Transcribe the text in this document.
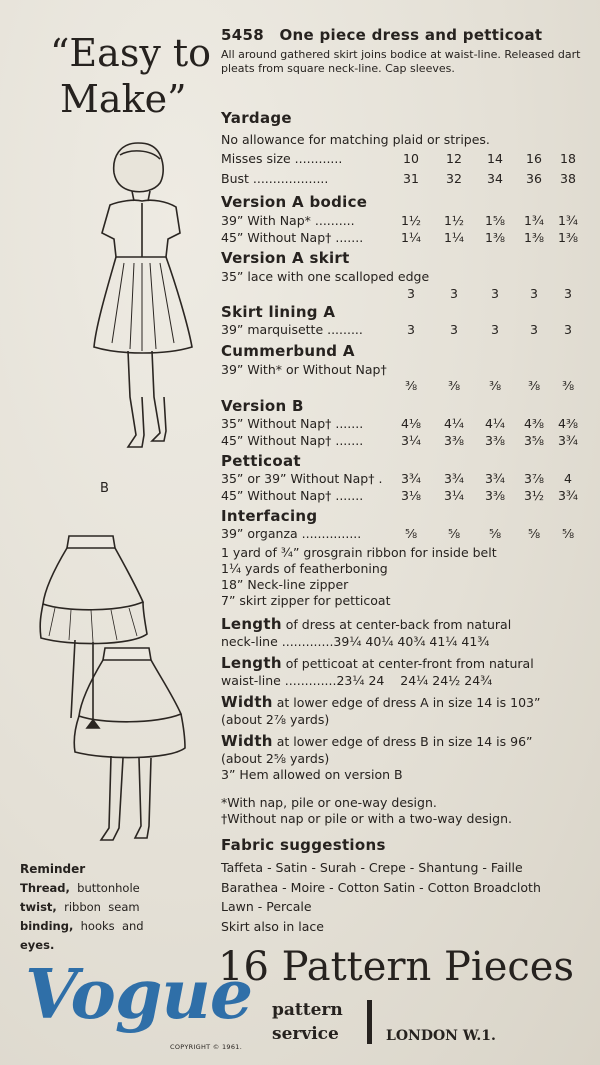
“Easy to
Make”
5458 One piece dress and petticoat
All around gathered skirt joins bodice at waist-line. Released dart pleats from square neck-line. Cap sleeves.
Yardage
No allowance for matching plaid or stripes.
Misses size ............	10	12	14	16	18
Bust ...................	31	32	34	36	38
Version A bodice
39” With Nap* ..........	1½	1½	1⅝	1¾	1¾
45” Without Nap† .......	1¼	1¼	1⅜	1⅜	1⅜
Version A skirt
35” lace with one scalloped edge
3	3	3	3	3
Skirt lining A
39” marquisette .........	3	3	3	3	3
Cummerbund A
39” With* or Without Nap†
⅜	⅜	⅜	⅜	⅜
Version B
35” Without Nap† .......	4⅛	4¼	4¼	4⅜	4⅜
45” Without Nap† .......	3¼	3⅜	3⅜	3⅝	3¾
Petticoat
35” or 39” Without Nap† .	3¾	3¾	3¾	3⅞	4
45” Without Nap† .......	3⅛	3¼	3⅜	3½	3¾
Interfacing
39” organza ...............	⅝	⅝	⅝	⅝	⅝
1 yard of ¾” grosgrain ribbon for inside belt
1¼ yards of featherboning
18” Neck-line zipper
7” skirt zipper for petticoat
Length of dress at center-back from natural
neck-line .............39¼ 40¼ 40¾ 41¼ 41¾
Length of petticoat at center-front from natural
waist-line .............23¼ 24    24¼ 24½ 24¾
Width at lower edge of dress A in size 14 is 103”
(about 2⅞ yards)
Width at lower edge of dress B in size 14 is 96”
(about 2⅝ yards)
3” Hem allowed on version B
*With nap, pile or one-way design.
†Without nap or pile or with a two-way design.
Fabric suggestions
Taffeta - Satin - Surah - Crepe - Shantung - Faille
Barathea - Moire - Cotton Satin - Cotton Broadcloth
Lawn - Percale
Skirt also in lace
B
Reminder
Thread,  buttonhole
twist,  ribbon  seam
binding,  hooks  and
eyes.	16 Pattern Pieces
Vogue pattern
service	LONDON W.1.
COPYRIGHT © 1961.
